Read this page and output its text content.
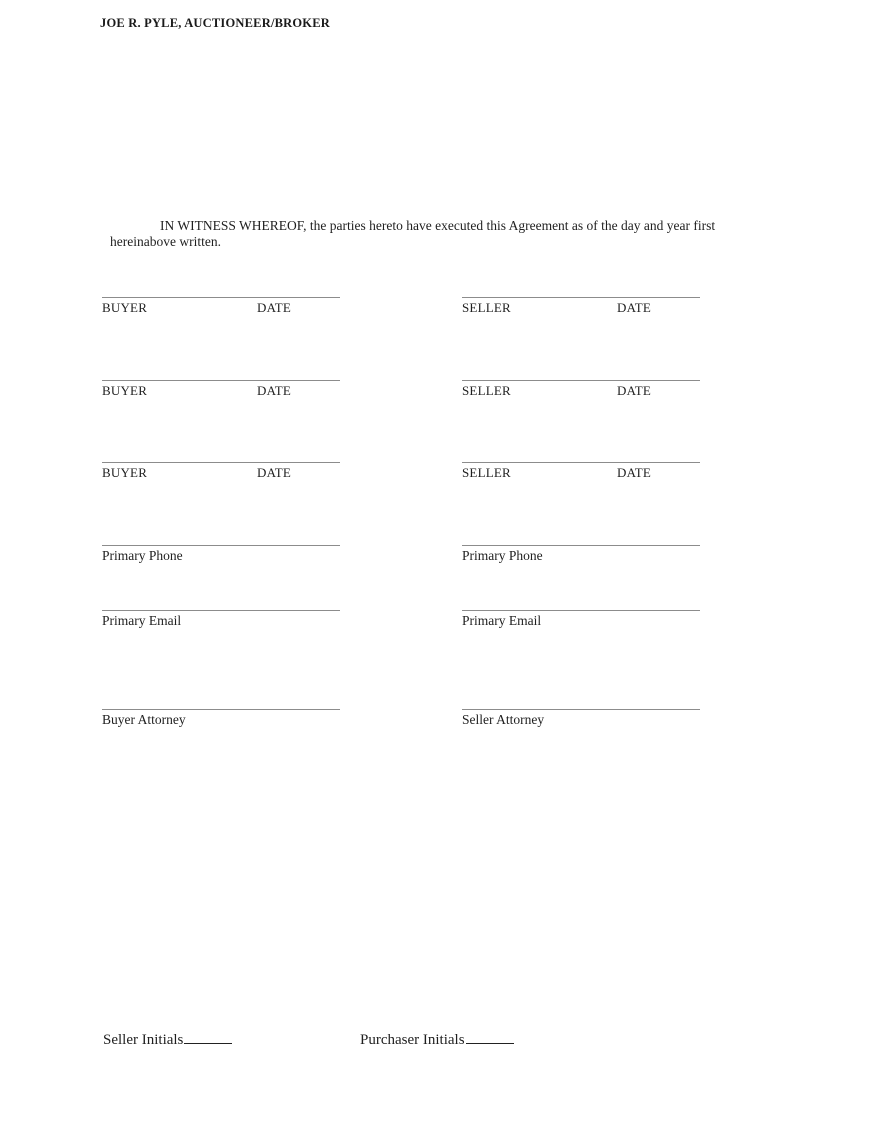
JOE R. PYLE, AUCTIONEER/BROKER

IN WITNESS WHEREOF, the parties hereto have executed this Agreement as of the day and year first hereinabove written.

BUYER	DATE	SELLER	DATE
BUYER	DATE	SELLER	DATE
BUYER	DATE	SELLER	DATE
Primary Phone	Primary Phone
Primary Email	Primary Email
Buyer Attorney	Seller Attorney
Seller Initials	Purchaser Initials
